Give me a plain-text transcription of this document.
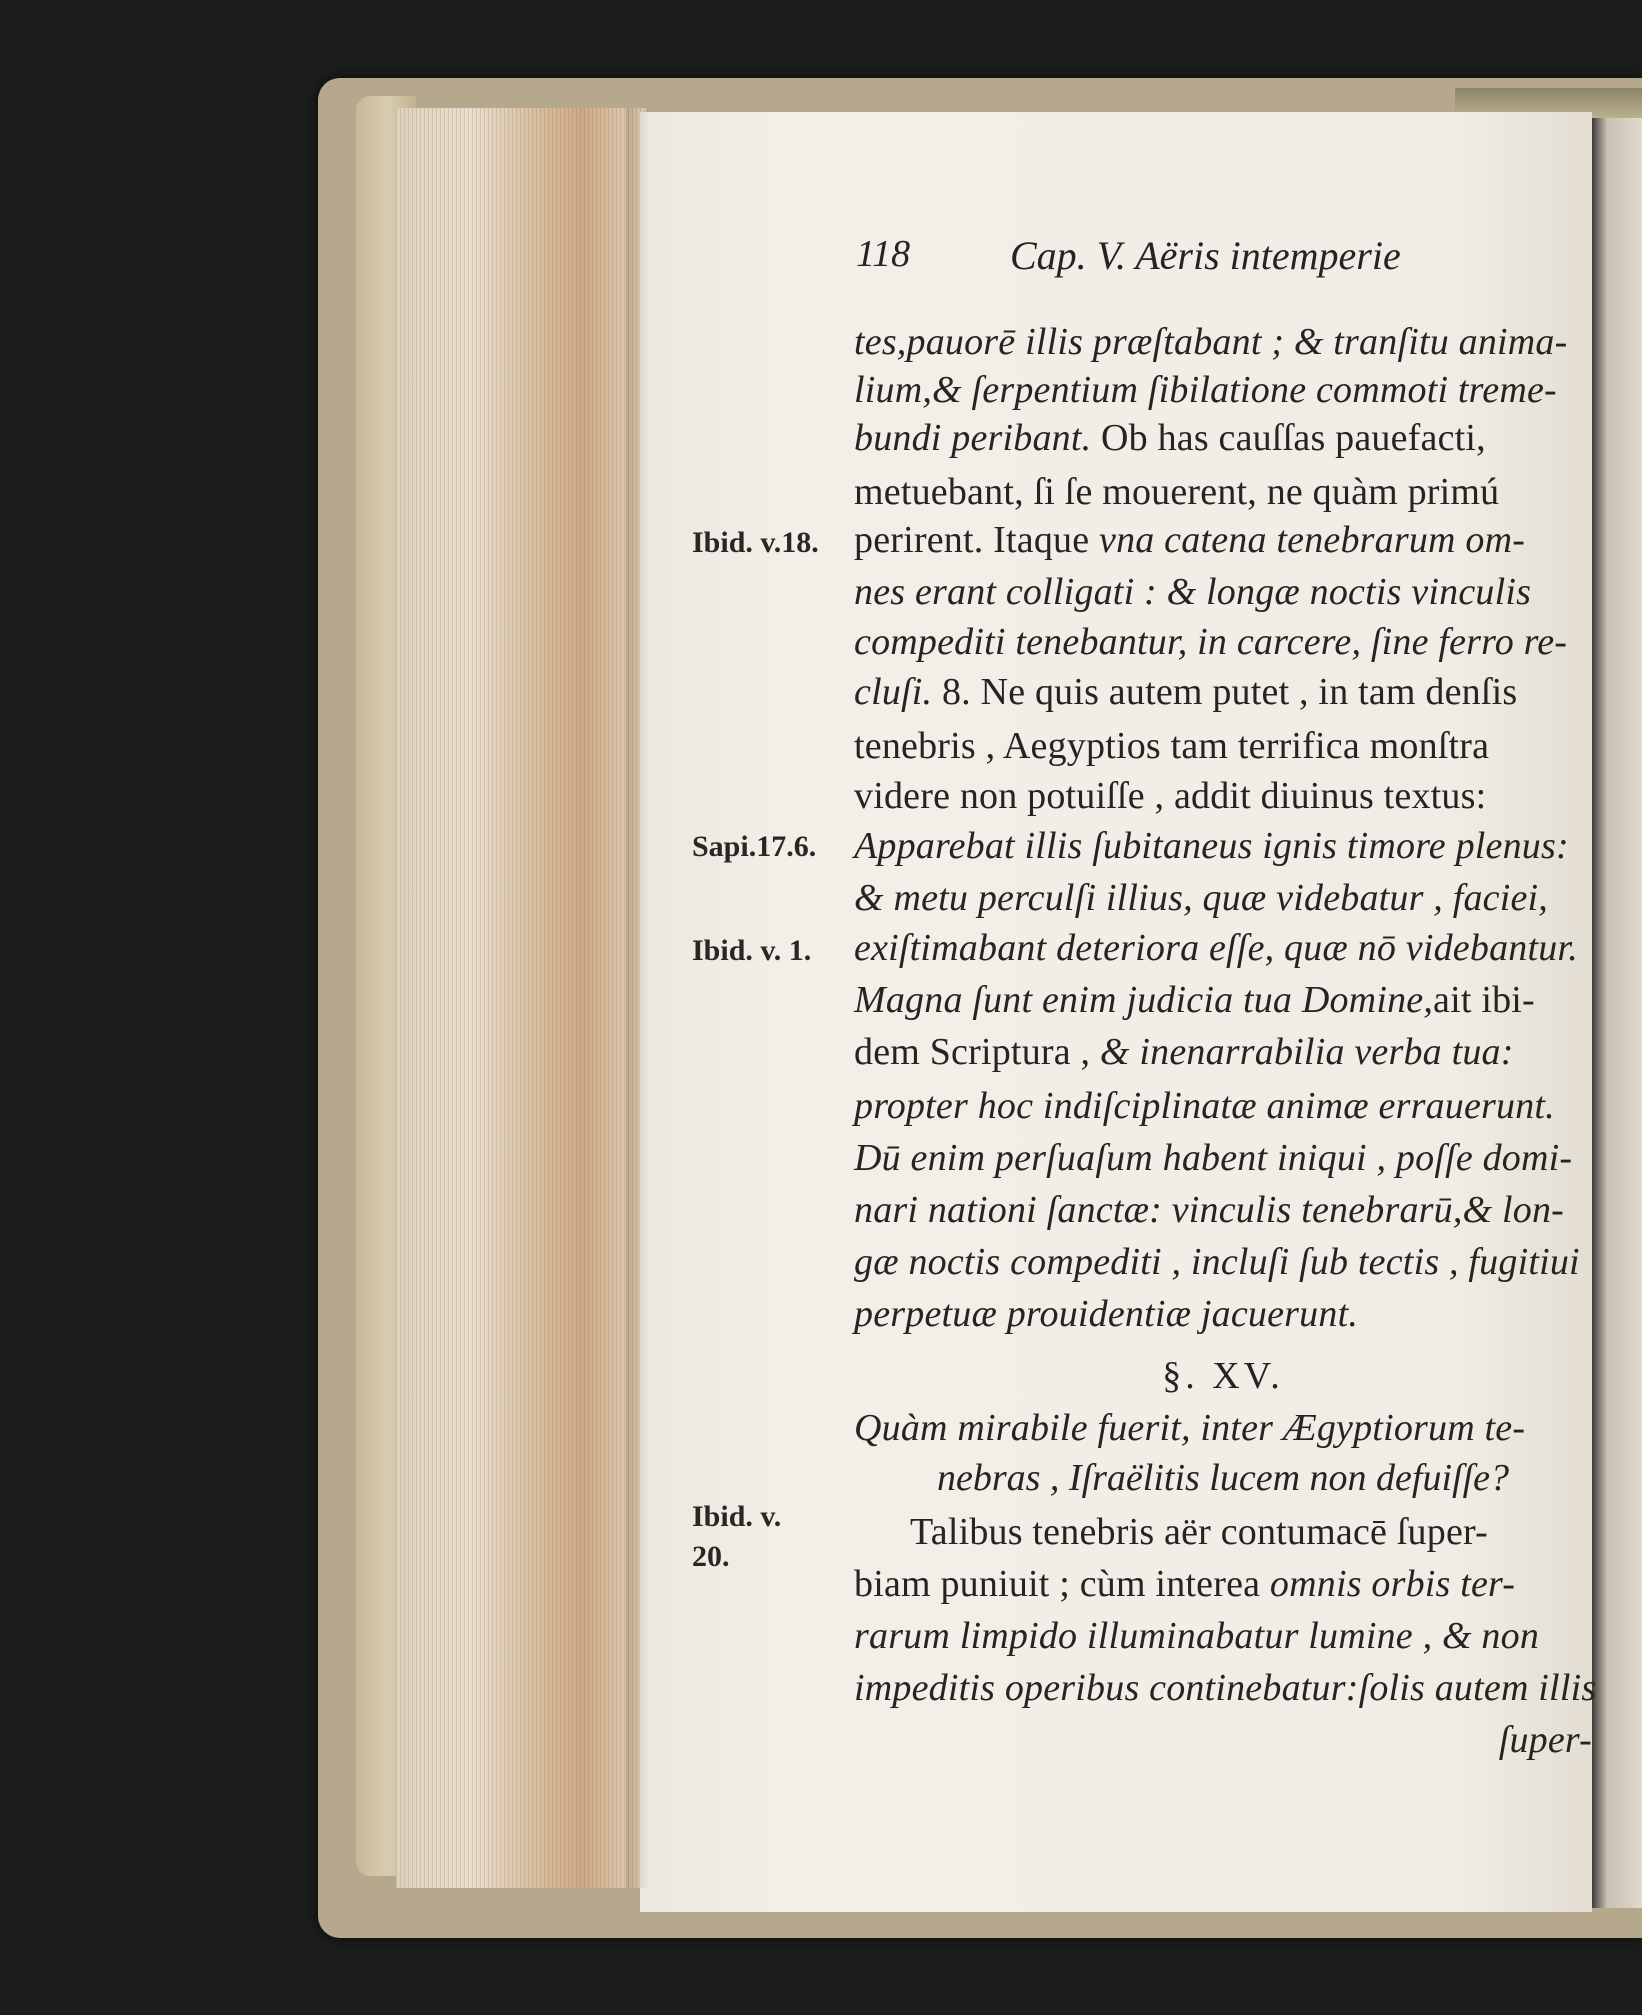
118 Cap. V. Aëris intemperie
tes,pauorē illis præſtabant ; & tranſitu anima-
lium,& ſerpentium ſibilatione commoti treme-
bundi peribant. Ob has cauſſas pauefacti,
metuebant, ſi ſe mouerent, ne quàm primú
perirent. Itaque vna catena tenebrarum om-
nes erant colligati : & longæ noctis vinculis
compediti tenebantur, in carcere, ſine ferro re-
cluſi. 8. Ne quis autem putet , in tam denſis
tenebris , Aegyptios tam terrifica monſtra
videre non potuiſſe , addit diuinus textus:
Apparebat illis ſubitaneus ignis timore plenus:
& metu perculſi illius, quæ videbatur , faciei,
exiſtimabant deteriora eſſe, quæ nō videbantur.
Magna ſunt enim judicia tua Domine,ait ibi-
dem Scriptura , & inenarrabilia verba tua:
propter hoc indiſciplinatæ animæ errauerunt.
Dū enim perſuaſum habent iniqui , poſſe domi-
nari nationi ſanctæ: vinculis tenebrarū,& lon-
gæ noctis compediti , incluſi ſub tectis , fugitiui
perpetuæ prouidentiæ jacuerunt.
§. XV.
Quàm mirabile fuerit, inter Ægyptiorum te-
nebras , Iſraëlitis lucem non defuiſſe?
Talibus tenebris aër contumacē ſuper-
biam puniuit ; cùm interea omnis orbis ter-
rarum limpido illuminabatur lumine , & non
impeditis operibus continebatur:ſolis autem illis
ſuper-
Ibid. v.18.
Sapi.17.6.
Ibid. v. 1.
Ibid. v.
20.
